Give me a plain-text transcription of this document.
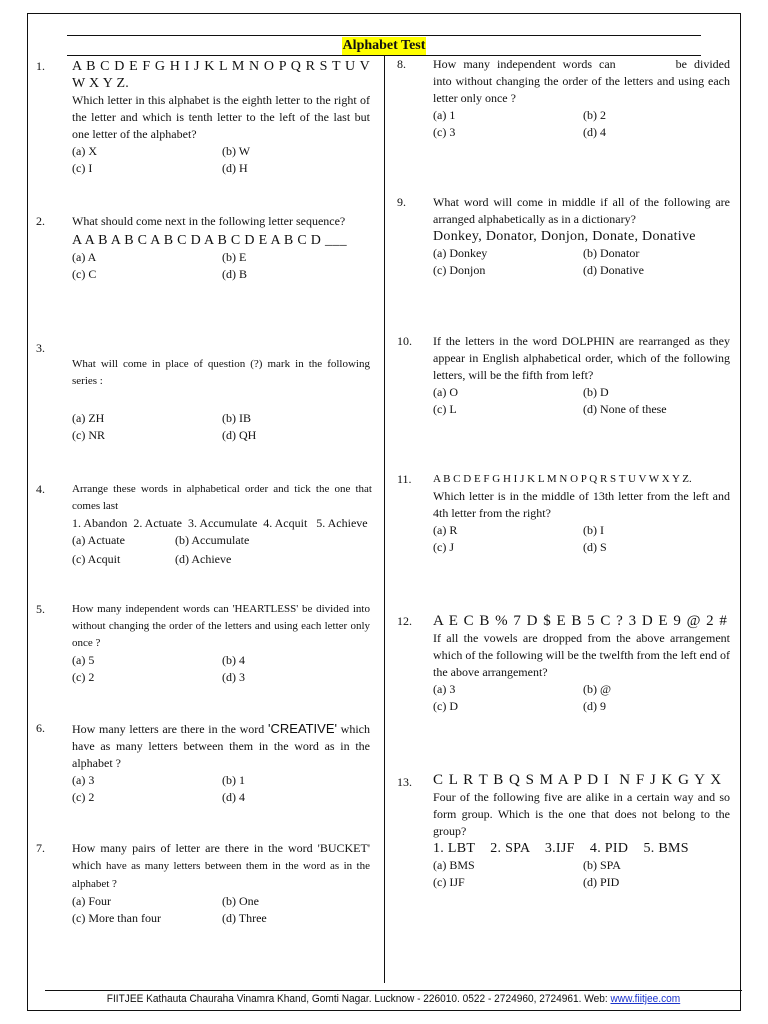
Alphabet Test
1.	A B C D E F G H I J K L M N O P Q R S T U V W X Y Z.
Which letter in this alphabet is the eighth letter to the right of the letter and which is tenth letter to the left of the last but one letter of the alphabet?
(a) X	(b) W
(c) I	(d) H
2.	What should come next in the following letter sequence?
A A B A B C A B C D A B C D E A B C D ___
(a) A	(b) E
(c) C	(d) B
3.
What will come in place of question (?) mark in the following series :
(a) ZH	(b) IB
(c) NR	(d) QH
4.	Arrange these words in alphabetical order and tick the one that comes last
1. Abandon  2. Actuate  3. Accumulate  4. Acquit   5. Achieve
(a) Actuate	(b) Accumulate
(c) Acquit	(d) Achieve
5.	How many independent words can 'HEARTLESS' be divided into without changing the order of the letters and using each letter only once ?
(a) 5	(b) 4
(c) 2	(d) 3
6.	How many letters are there in the word 'CREATIVE' which have as many letters between them in the word as in the alphabet ?
(a) 3	(b) 1
(c) 2	(d) 4
7.	How many pairs of letter are there in the word 'BUCKET' which have as many letters between them in the word as in the alphabet ?
(a) Four	(b) One
(c) More than four	(d) Three
8.	How many independent words can	be divided into without changing the order of the letters and using each letter only once ?
(a) 1	(b) 2
(c) 3	(d) 4
9.	What word will come in middle if all of the following are arranged alphabetically as in a dictionary?
Donkey, Donator, Donjon, Donate, Donative
(a) Donkey	(b) Donator
(c) Donjon	(d) Donative
10.	If the letters in the word DOLPHIN are rearranged as they appear in English alphabetical order, which of the following letters, will be the fifth from left?
(a) O	(b) D
(c) L	(d) None of these
11.	A B C D E F G H I J K L M N O P Q R S T U V W X Y Z.
Which letter is in the middle of 13th letter from the left and 4th letter from the right?
(a) R	(b) I
(c) J	(d) S
12.	A E C B % 7 D $ E B 5 C ? 3 D E 9 @ 2 #
If all the vowels are dropped from the above arrangement which of the following will be the twelfth from the left end of the above arrangement?
(a) 3	(b) @
(c) D	(d) 9
13.	C L R T B Q S M A P D I  N F J K G Y X
Four of the following five are alike in a certain way and so form group. Which is the one that does not belong to the group?
1. LBT    2. SPA    3.IJF    4. PID    5. BMS
(a) BMS	(b) SPA
(c) IJF	(d) PID
FIITJEE Kathauta Chauraha Vinamra Khand, Gomti Nagar. Lucknow - 226010. 0522 - 2724960, 2724961. Web: www.fiitjee.com
